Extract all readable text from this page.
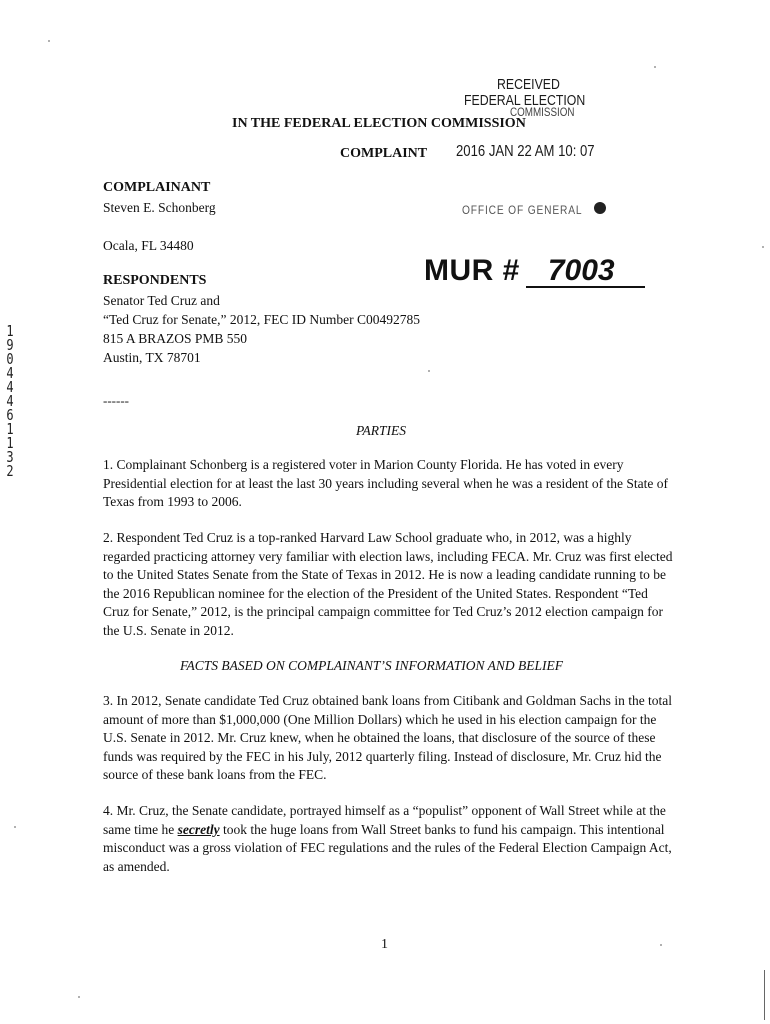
RECEIVED
FEDERAL ELECTION
COMMISSION
IN THE FEDERAL ELECTION COMMISSION
COMPLAINT 2016 JAN 22 AM 10: 07
COMPLAINANT
Steven E. Schonberg	OFFICE OF GENERAL
Ocala, FL 34480
MUR # 7003
RESPONDENTS
Senator Ted Cruz and
“Ted Cruz for Senate,” 2012, FEC ID Number C00492785
815 A BRAZOS PMB 550
Austin, TX 78701
19044461132
------
PARTIES

1. Complainant Schonberg is a registered voter in Marion County Florida. He has voted in every Presidential election for at least the last 30 years including several when he was a resident of the State of Texas from 1993 to 2006.

2. Respondent Ted Cruz is a top-ranked Harvard Law School graduate who, in 2012, was a highly regarded practicing attorney very familiar with election laws, including FECA. Mr. Cruz was first elected to the United States Senate from the State of Texas in 2012. He is now a leading candidate running to be the 2016 Republican nominee for the election of the President of the United States. Respondent “Ted Cruz for Senate,” 2012, is the principal campaign committee for Ted Cruz’s 2012 election campaign for the U.S. Senate in 2012.

FACTS BASED ON COMPLAINANT’S INFORMATION AND BELIEF

3. In 2012, Senate candidate Ted Cruz obtained bank loans from Citibank and Goldman Sachs in the total amount of more than $1,000,000 (One Million Dollars) which he used in his election campaign for the U.S. Senate in 2012. Mr. Cruz knew, when he obtained the loans, that disclosure of the source of these funds was required by the FEC in his July, 2012 quarterly filing. Instead of disclosure, Mr. Cruz hid the source of these bank loans from the FEC.

4. Mr. Cruz, the Senate candidate, portrayed himself as a “populist” opponent of Wall Street while at the same time he secretly took the huge loans from Wall Street banks to fund his campaign. This intentional misconduct was a gross violation of FEC regulations and the rules of the Federal Election Campaign Act, as amended.

1
